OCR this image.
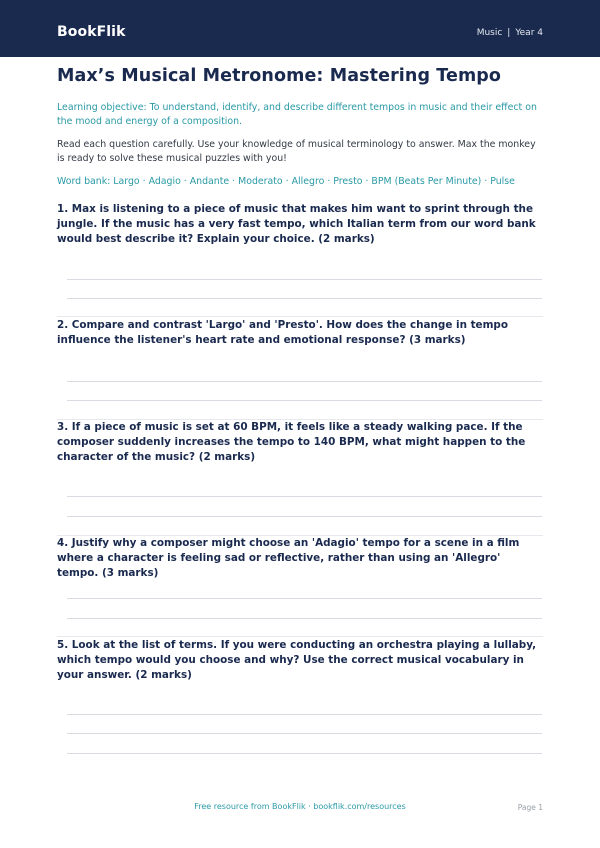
BookFlik	Music | Year 4
Max’s Musical Metronome: Mastering Tempo
Learning objective: To understand, identify, and describe different tempos in music and their effect on the mood and energy of a composition.
Read each question carefully. Use your knowledge of musical terminology to answer. Max the monkey is ready to solve these musical puzzles with you!
Word bank: Largo · Adagio · Andante · Moderato · Allegro · Presto · BPM (Beats Per Minute) · Pulse
1. Max is listening to a piece of music that makes him want to sprint through the jungle. If the music has a very fast tempo, which Italian term from our word bank would best describe it? Explain your choice. (2 marks)
2. Compare and contrast 'Largo' and 'Presto'. How does the change in tempo influence the listener's heart rate and emotional response? (3 marks)
3. If a piece of music is set at 60 BPM, it feels like a steady walking pace. If the composer suddenly increases the tempo to 140 BPM, what might happen to the character of the music? (2 marks)
4. Justify why a composer might choose an 'Adagio' tempo for a scene in a film where a character is feeling sad or reflective, rather than using an 'Allegro' tempo. (3 marks)
5. Look at the list of terms. If you were conducting an orchestra playing a lullaby, which tempo would you choose and why? Use the correct musical vocabulary in your answer. (2 marks)
Free resource from BookFlik · bookflik.com/resources	Page 1
